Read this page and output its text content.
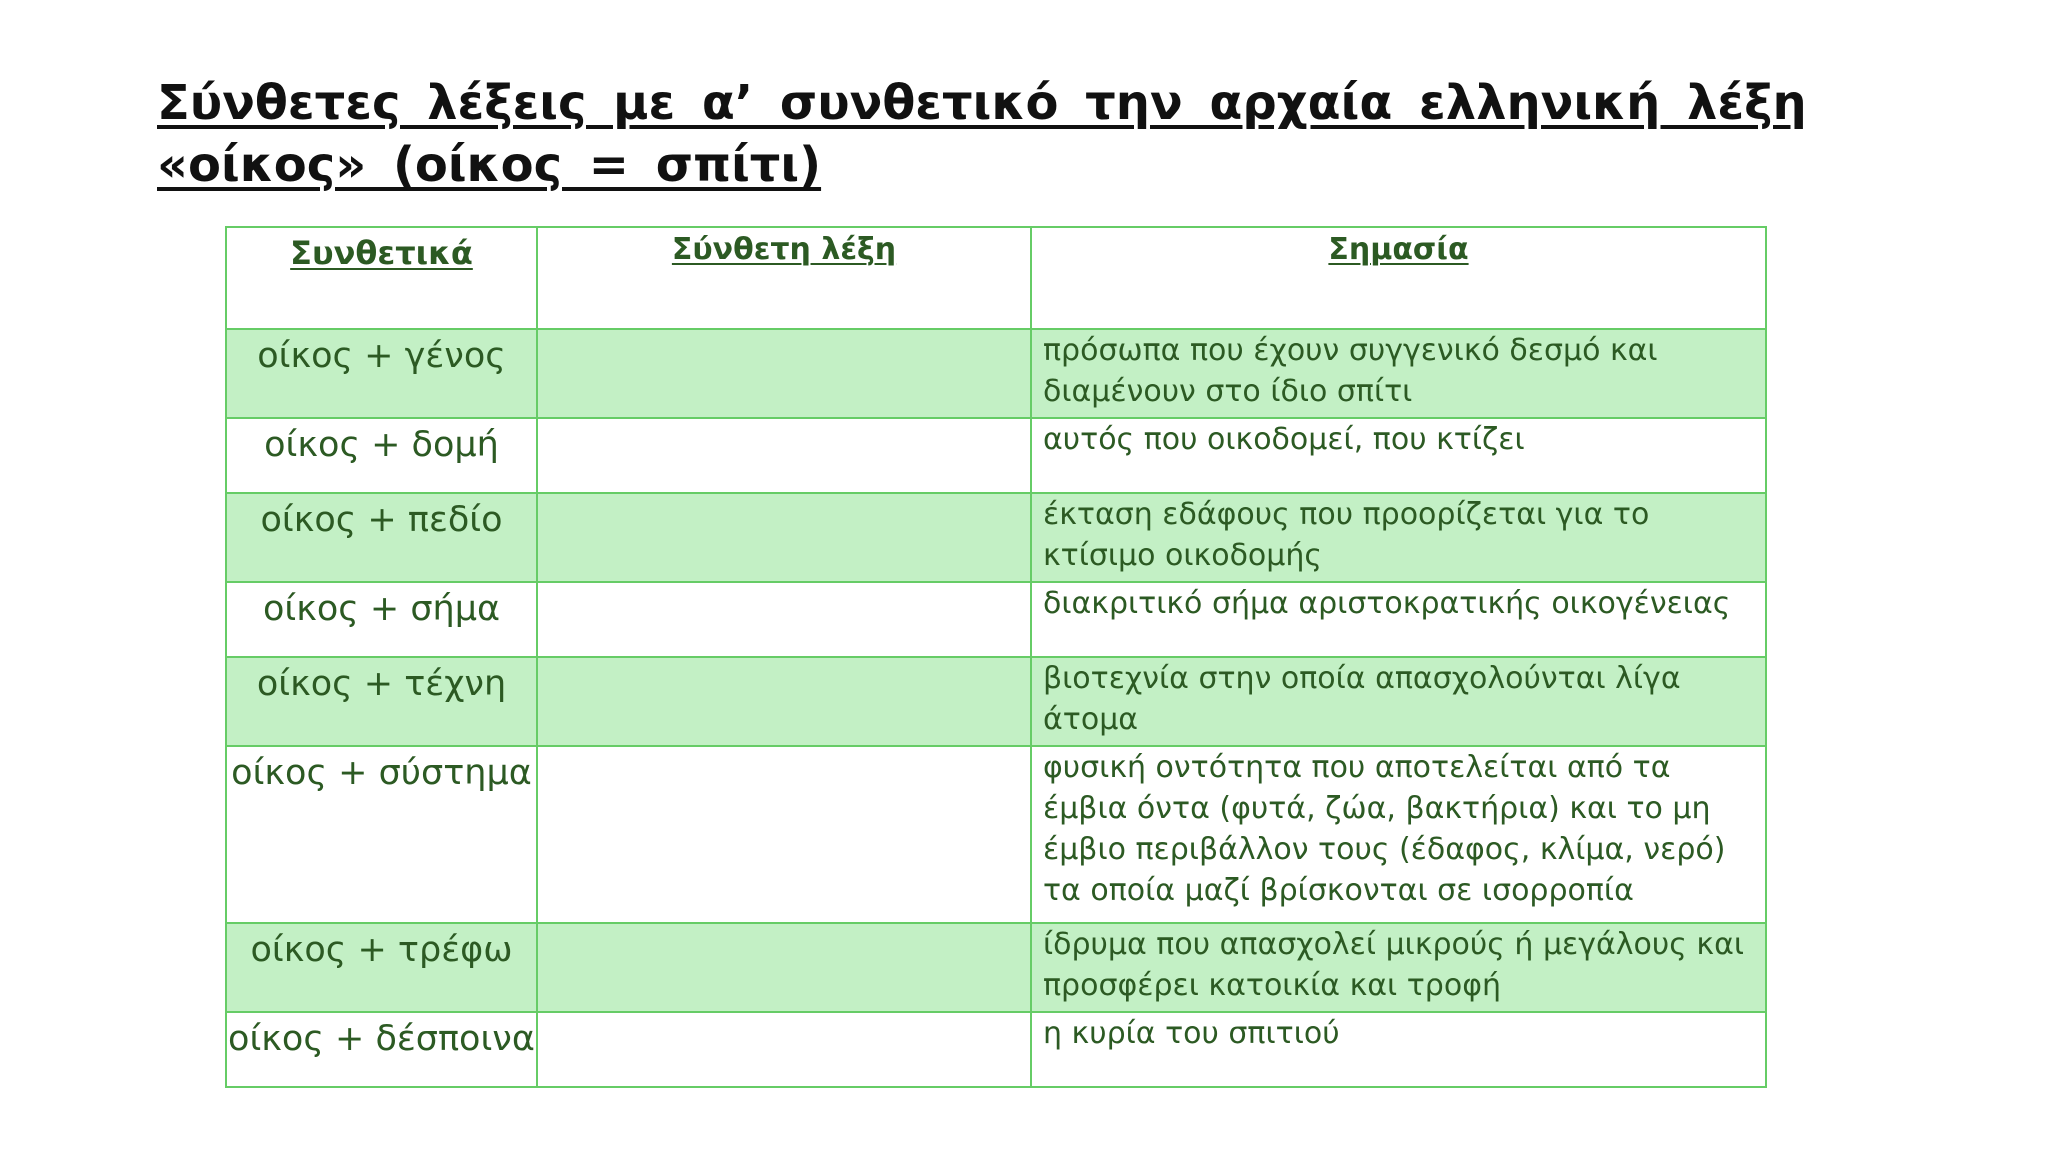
Σύνθετες λέξεις με α’ συνθετικό την αρχαία ελληνική λέξη
«οίκος» (οίκος = σπίτι)
Συνθετικά	Σύνθετη λέξη	Σημασία
οίκος + γένος		πρόσωπα που έχουν συγγενικό δεσμό και διαμένουν στο ίδιο σπίτι
οίκος + δομή		αυτός που οικοδομεί, που κτίζει
οίκος + πεδίο		έκταση εδάφους που προορίζεται για το κτίσιμο οικοδομής
οίκος + σήμα		διακριτικό σήμα αριστοκρατικής οικογένειας
οίκος + τέχνη		βιοτεχνία στην οποία απασχολούνται λίγα άτομα
οίκος + σύστημα		φυσική οντότητα που αποτελείται από τα έμβια όντα (φυτά, ζώα, βακτήρια) και το μη έμβιο περιβάλλον τους (έδαφος, κλίμα, νερό) τα οποία μαζί βρίσκονται σε ισορροπία
οίκος + τρέφω		ίδρυμα που απασχολεί μικρούς ή μεγάλους και προσφέρει κατοικία και τροφή
οίκος + δέσποινα		η κυρία του σπιτιού
